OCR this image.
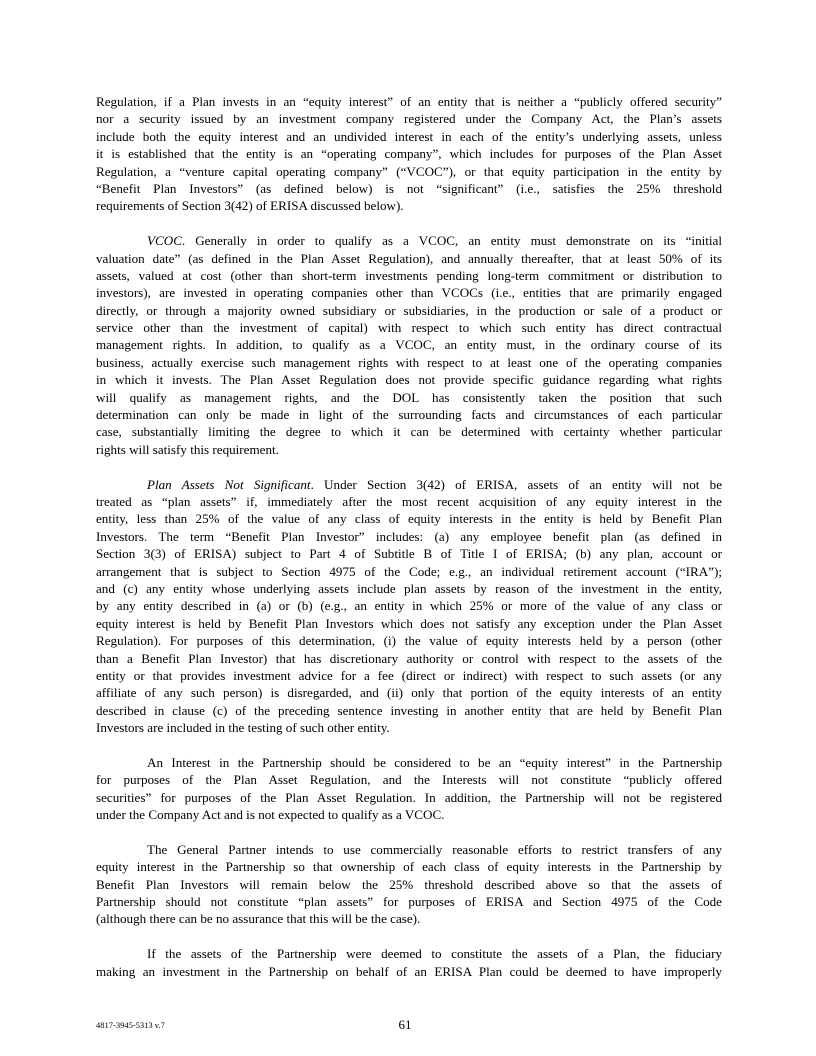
Regulation, if a Plan invests in an “equity interest” of an entity that is neither a “publicly offered security”
nor a security issued by an investment company registered under the Company Act, the Plan’s assets
include both the equity interest and an undivided interest in each of the entity’s underlying assets, unless
it is established that the entity is an “operating company”, which includes for purposes of the Plan Asset
Regulation, a “venture capital operating company” (“VCOC”), or that equity participation in the entity by
“Benefit Plan Investors” (as defined below) is not “significant” (i.e., satisfies the 25% threshold
requirements of Section 3(42) of ERISA discussed below).
VCOC. Generally in order to qualify as a VCOC, an entity must demonstrate on its “initial
valuation date” (as defined in the Plan Asset Regulation), and annually thereafter, that at least 50% of its
assets, valued at cost (other than short-term investments pending long-term commitment or distribution to
investors), are invested in operating companies other than VCOCs (i.e., entities that are primarily engaged
directly, or through a majority owned subsidiary or subsidiaries, in the production or sale of a product or
service other than the investment of capital) with respect to which such entity has direct contractual
management rights. In addition, to qualify as a VCOC, an entity must, in the ordinary course of its
business, actually exercise such management rights with respect to at least one of the operating companies
in which it invests. The Plan Asset Regulation does not provide specific guidance regarding what rights
will qualify as management rights, and the DOL has consistently taken the position that such
determination can only be made in light of the surrounding facts and circumstances of each particular
case, substantially limiting the degree to which it can be determined with certainty whether particular
rights will satisfy this requirement.
Plan Assets Not Significant. Under Section 3(42) of ERISA, assets of an entity will not be
treated as “plan assets” if, immediately after the most recent acquisition of any equity interest in the
entity, less than 25% of the value of any class of equity interests in the entity is held by Benefit Plan
Investors. The term “Benefit Plan Investor” includes: (a) any employee benefit plan (as defined in
Section 3(3) of ERISA) subject to Part 4 of Subtitle B of Title I of ERISA; (b) any plan, account or
arrangement that is subject to Section 4975 of the Code; e.g., an individual retirement account (“IRA”);
and (c) any entity whose underlying assets include plan assets by reason of the investment in the entity,
by any entity described in (a) or (b) (e.g., an entity in which 25% or more of the value of any class or
equity interest is held by Benefit Plan Investors which does not satisfy any exception under the Plan Asset
Regulation). For purposes of this determination, (i) the value of equity interests held by a person (other
than a Benefit Plan Investor) that has discretionary authority or control with respect to the assets of the
entity or that provides investment advice for a fee (direct or indirect) with respect to such assets (or any
affiliate of any such person) is disregarded, and (ii) only that portion of the equity interests of an entity
described in clause (c) of the preceding sentence investing in another entity that are held by Benefit Plan
Investors are included in the testing of such other entity.
An Interest in the Partnership should be considered to be an “equity interest” in the Partnership
for purposes of the Plan Asset Regulation, and the Interests will not constitute “publicly offered
securities” for purposes of the Plan Asset Regulation. In addition, the Partnership will not be registered
under the Company Act and is not expected to qualify as a VCOC.
The General Partner intends to use commercially reasonable efforts to restrict transfers of any
equity interest in the Partnership so that ownership of each class of equity interests in the Partnership by
Benefit Plan Investors will remain below the 25% threshold described above so that the assets of
Partnership should not constitute “plan assets” for purposes of ERISA and Section 4975 of the Code
(although there can be no assurance that this will be the case).
If the assets of the Partnership were deemed to constitute the assets of a Plan, the fiduciary
making an investment in the Partnership on behalf of an ERISA Plan could be deemed to have improperly
4817-3945-5313 v.7	61
